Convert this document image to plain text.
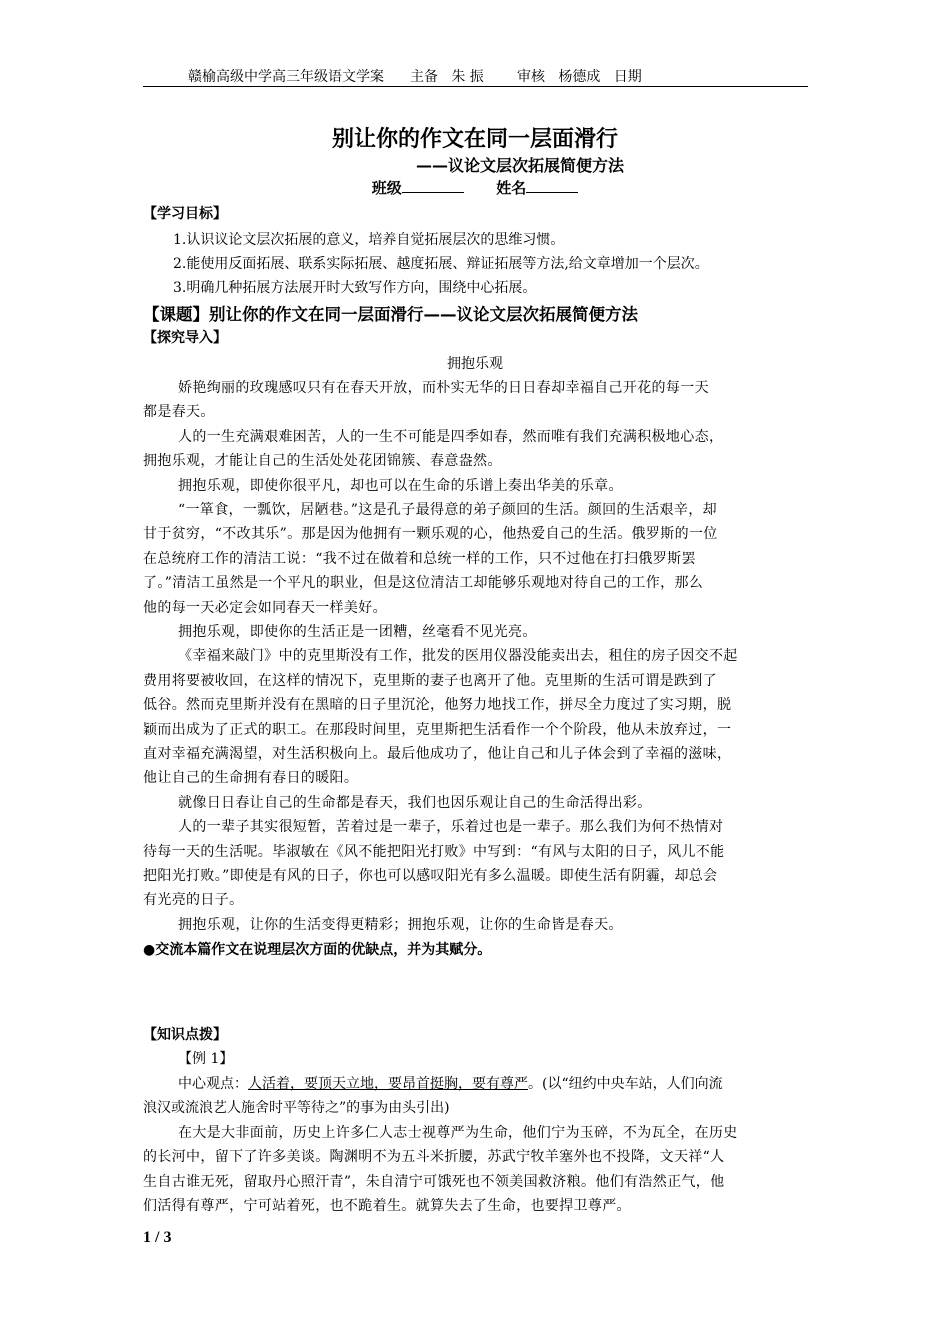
赣榆高级中学高三年级语文学案 主备   朱 振 审核   杨德成   日期
别让你的作文在同一层面滑行
——议论文层次拓展简便方法
班级	姓名
【学习目标】
1.认识议论文层次拓展的意义，培养自觉拓展层次的思维习惯。
2.能使用反面拓展、联系实际拓展、越度拓展、辩证拓展等方法,给文章增加一个层次。
3.明确几种拓展方法展开时大致写作方向，围绕中心拓展。
【课题】别让你的作文在同一层面滑行——议论文层次拓展简便方法
【探究导入】
拥抱乐观
娇艳绚丽的玫瑰感叹只有在春天开放，而朴实无华的日日春却幸福自己开花的每一天
都是春天。
人的一生充满艰难困苦，人的一生不可能是四季如春，然而唯有我们充满积极地心态，
拥抱乐观，才能让自己的生活处处花团锦簇、春意盎然。
拥抱乐观，即使你很平凡，却也可以在生命的乐谱上奏出华美的乐章。
“一箪食，一瓢饮，居陋巷。”这是孔子最得意的弟子颜回的生活。颜回的生活艰辛，却
甘于贫穷，“不改其乐”。那是因为他拥有一颗乐观的心，他热爱自己的生活。俄罗斯的一位
在总统府工作的清洁工说：“我不过在做着和总统一样的工作，只不过他在打扫俄罗斯罢
了。”清洁工虽然是一个平凡的职业，但是这位清洁工却能够乐观地对待自己的工作，那么
他的每一天必定会如同春天一样美好。
拥抱乐观，即使你的生活正是一团糟，丝毫看不见光亮。
《幸福来敲门》中的克里斯没有工作，批发的医用仪器没能卖出去，租住的房子因交不起
费用将要被收回，在这样的情况下，克里斯的妻子也离开了他。克里斯的生活可谓是跌到了
低谷。然而克里斯并没有在黑暗的日子里沉沦，他努力地找工作，拼尽全力度过了实习期，脱
颖而出成为了正式的职工。在那段时间里，克里斯把生活看作一个个阶段，他从未放弃过，一
直对幸福充满渴望，对生活积极向上。最后他成功了，他让自己和儿子体会到了幸福的滋味，
他让自己的生命拥有春日的暖阳。
就像日日春让自己的生命都是春天，我们也因乐观让自己的生命活得出彩。
人的一辈子其实很短暂，苦着过是一辈子，乐着过也是一辈子。那么我们为何不热情对
待每一天的生活呢。毕淑敏在《风不能把阳光打败》中写到：“有风与太阳的日子，风儿不能
把阳光打败。”即使是有风的日子，你也可以感叹阳光有多么温暖。即使生活有阴霾，却总会
有光亮的日子。
拥抱乐观，让你的生活变得更精彩；拥抱乐观，让你的生命皆是春天。
●交流本篇作文在说理层次方面的优缺点，并为其赋分。
【知识点拨】
【例 1】
中心观点：人活着，要顶天立地，要昂首挺胸，要有尊严。(以“纽约中央车站，人们向流
浪汉或流浪艺人施舍时平等待之”的事为由头引出)
在大是大非面前，历史上许多仁人志士视尊严为生命，他们宁为玉碎，不为瓦全，在历史
的长河中，留下了许多美谈。陶渊明不为五斗米折腰，苏武宁牧羊塞外也不投降，文天祥“人
生自古谁无死，留取丹心照汗青”，朱自清宁可饿死也不领美国救济粮。他们有浩然正气，他
们活得有尊严，宁可站着死，也不跪着生。就算失去了生命，也要捍卫尊严。
1 / 3
